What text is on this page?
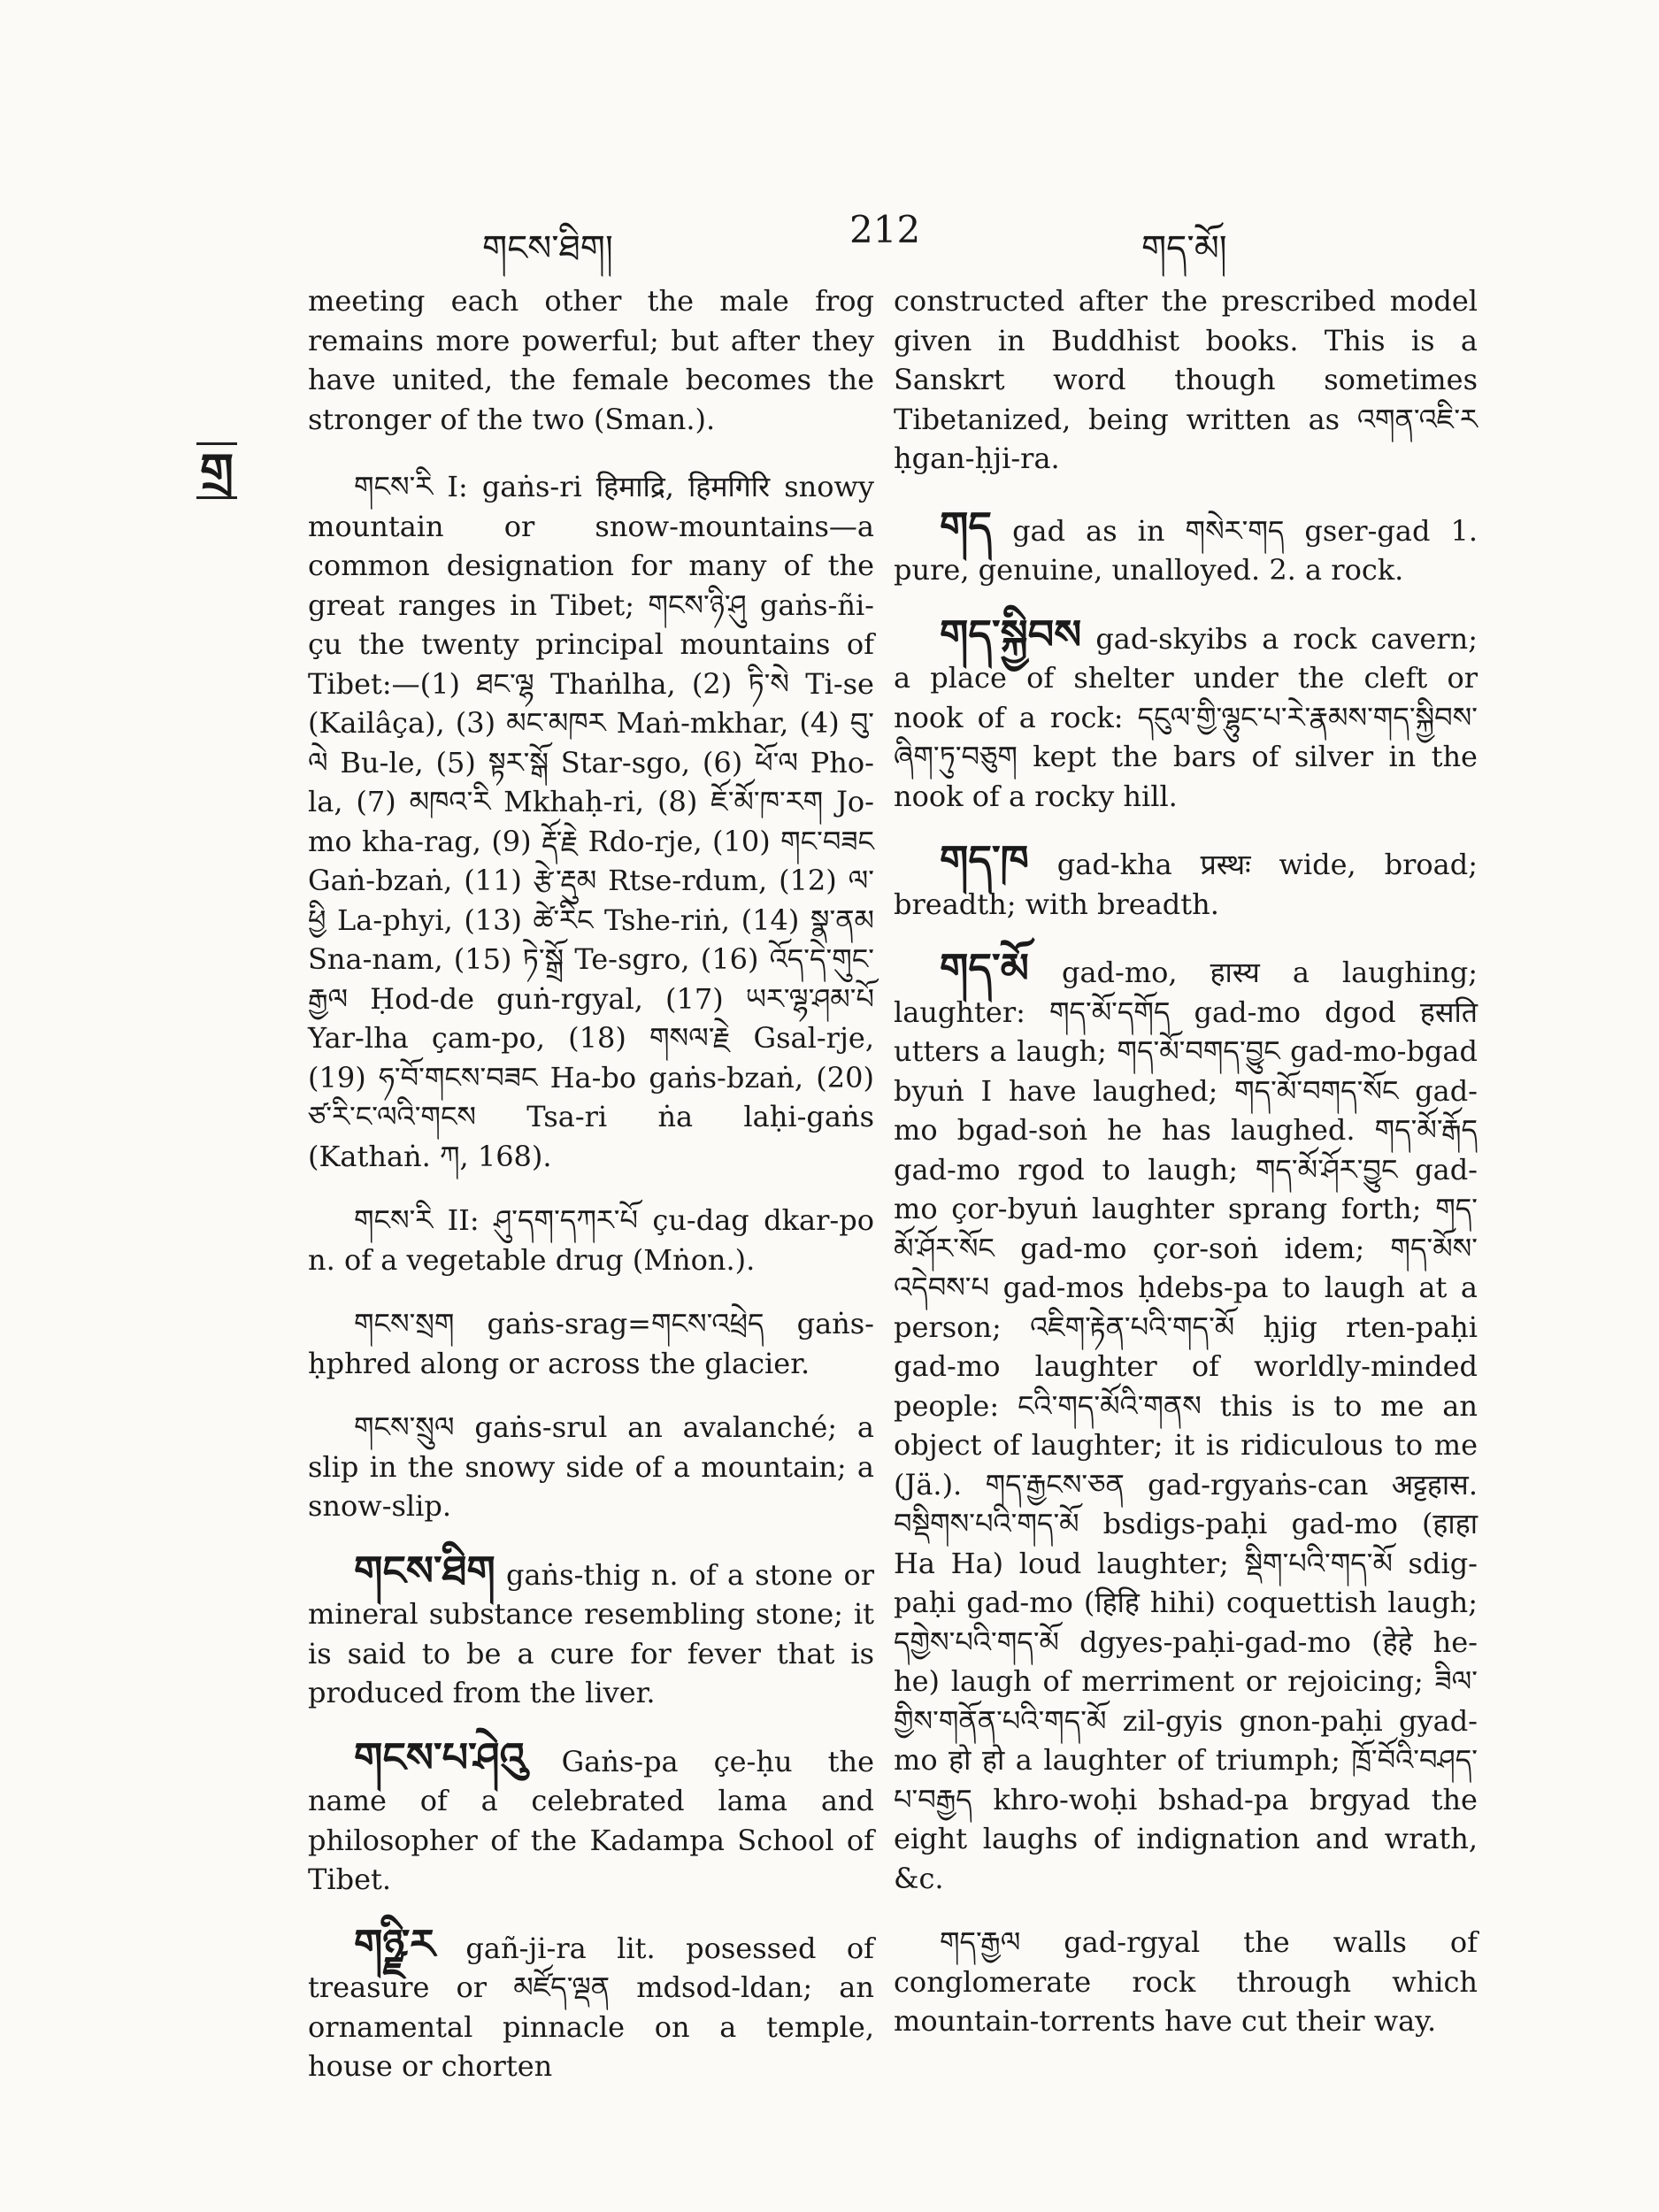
གངས་ཐིག།	212	གད་མོ།
གྲ

meeting each other the male frog remains more powerful; but after they have united, the female becomes the stronger of the two (Sman.).

གངས་རི I: gaṅs-ri हिमाद्रि, हिमगिरि snowy mountain or snow-mountains—a common designation for many of the great ranges in Tibet; གངས་ཉི་ཤུ gaṅs-ñi-çu the twenty principal mountains of Tibet:—(1) ཐང་ལྷ Thaṅlha, (2) ཏི་སེ Ti-se (Kailâça), (3) མང་མཁར Maṅ-mkhar, (4) བུ་ལེ Bu-le, (5) སྟར་སྒོ Star-sgo, (6) ཕོ་ལ Pho-la, (7) མཁའ་རི Mkhaḥ-ri, (8) ཇོ་མོ་ཁ་རག Jo-mo kha-rag, (9) རྡོ་རྗེ Rdo-rje, (10) གང་བཟང Gaṅ-bzaṅ, (11) རྩེ་རྡུམ Rtse-rdum, (12) ལ་ཕྱི La-phyi, (13) ཚེ་རིང Tshe-riṅ, (14) སྣ་ནམ Sna-nam, (15) ཏེ་སྒྲོ Te-sgro, (16) འོད་དེ་གུང་རྒྱལ Ḥod-de guṅ-rgyal, (17) ཡར་ལྷ་ཤམ་པོ Yar-lha çam-po, (18) གསལ་རྗེ Gsal-rje, (19) ཧ་བོ་གངས་བཟང Ha-bo gaṅs-bzaṅ, (20) ཙ་རི་ང་ལའི་གངས Tsa-ri ṅa laḥi-gaṅs (Kathaṅ. ཀ, 168).

གངས་རི II: ཤུ་དག་དཀར་པོ çu-dag dkar-po n. of a vegetable drug (Mṅon.).

གངས་སྲག gaṅs-srag=གངས་འཕྲེད gaṅs-ḥphred along or across the glacier.

གངས་སྲུལ gaṅs-srul an avalanché; a slip in the snowy side of a mountain; a snow-slip.

གངས་ཐིག gaṅs-thig n. of a stone or mineral substance resembling stone; it is said to be a cure for fever that is produced from the liver.

གངས་པ་ཤེའུ Gaṅs-pa çe-ḥu the name of a celebrated lama and philosopher of the Kadampa School of Tibet.

གཉྫི་ར gañ-ji-ra lit. posessed of treasure or མཛོད་ལྡན mdsod-ldan; an ornamental pinnacle on a temple, house or chorten

constructed after the prescribed model given in Buddhist books. This is a Sanskrt word though sometimes Tibetanized, being written as འགན་འཇི་ར ḥgan-ḥji-ra.

གད gad as in གསེར་གད gser-gad 1. pure, genuine, unalloyed. 2. a rock.

གད་སྐྱིབས gad-skyibs a rock cavern; a place of shelter under the cleft or nook of a rock: དངུལ་གྱི་ལྷུང་པ་རེ་རྣམས་གད་སྐྱིབས་ཞིག་ཏུ་བཅུག kept the bars of silver in the nook of a rocky hill.

གད་ཁ gad-kha प्रस्थः wide, broad; breadth; with breadth.

གད་མོ gad-mo, हास्य a laughing; laughter: གད་མོ་དགོད gad-mo dgod हसति utters a laugh; གད་མོ་བགད་བྱུང gad-mo-bgad byuṅ I have laughed; གད་མོ་བགད་སོང gad-mo bgad-soṅ he has laughed. གད་མོ་རྒོད gad-mo rgod to laugh; གད་མོ་ཤོར་བྱུང gad-mo çor-byuṅ laughter sprang forth; གད་མོ་ཤོར་སོང gad-mo çor-soṅ idem; གད་མོས་འདེབས་པ gad-mos ḥdebs-pa to laugh at a person; འཇིག་རྟེན་པའི་གད་མོ ḥjig rten-paḥi gad-mo laughter of worldly-minded people: ངའི་གད་མོའི་གནས this is to me an object of laughter; it is ridiculous to me (Jä.). གད་རྒྱངས་ཅན gad-rgyaṅs-can अट्टहास. བསྡིགས་པའི་གད་མོ bsdigs-paḥi gad-mo (हाहा Ha Ha) loud laughter; སྡིག་པའི་གད་མོ sdig-paḥi gad-mo (हिहि hihi) coquettish laugh; དགྱེས་པའི་གད་མོ dgyes-paḥi-gad-mo (हेहे he-he) laugh of merriment or rejoicing; ཟིལ་གྱིས་གནོན་པའི་གད་མོ zil-gyis gnon-paḥi gyad-mo हो हो a laughter of triumph; ཁྲོ་བོའི་བཤད་པ་བརྒྱད khro-woḥi bshad-pa brgyad the eight laughs of indignation and wrath, &c.

གད་རྒྱལ gad-rgyal the walls of conglomerate rock through which mountain-torrents have cut their way.
